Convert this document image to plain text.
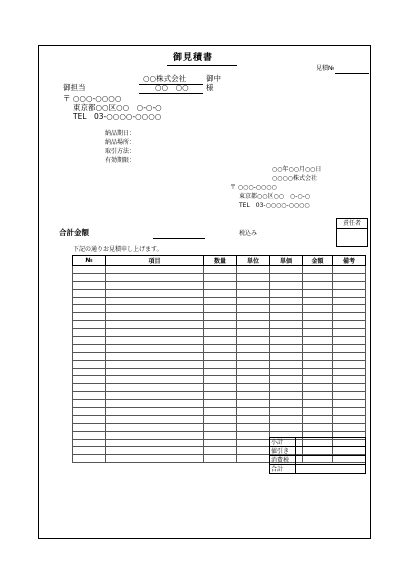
御見積書
見積№
○○株式会社	御中
御担当	○○　○○ 様
〒 ○○○-○○○○
東京都○○区○○　○-○-○
TEL　03-○○○○-○○○○
納品期日：
納品場所：
取引方法：
有効期限：
○○年○○月○○日
○○○○株式会社
〒 ○○○-○○○○
東京都○○区○○　○-○-○
TEL　03-○○○○-○○○○
責任者
合計金額	税込み
下記の通りお見積申し上げます。
№	項目	数量	単位	単価	金額	備考

小計	
値引き	
消費税	
合計	
